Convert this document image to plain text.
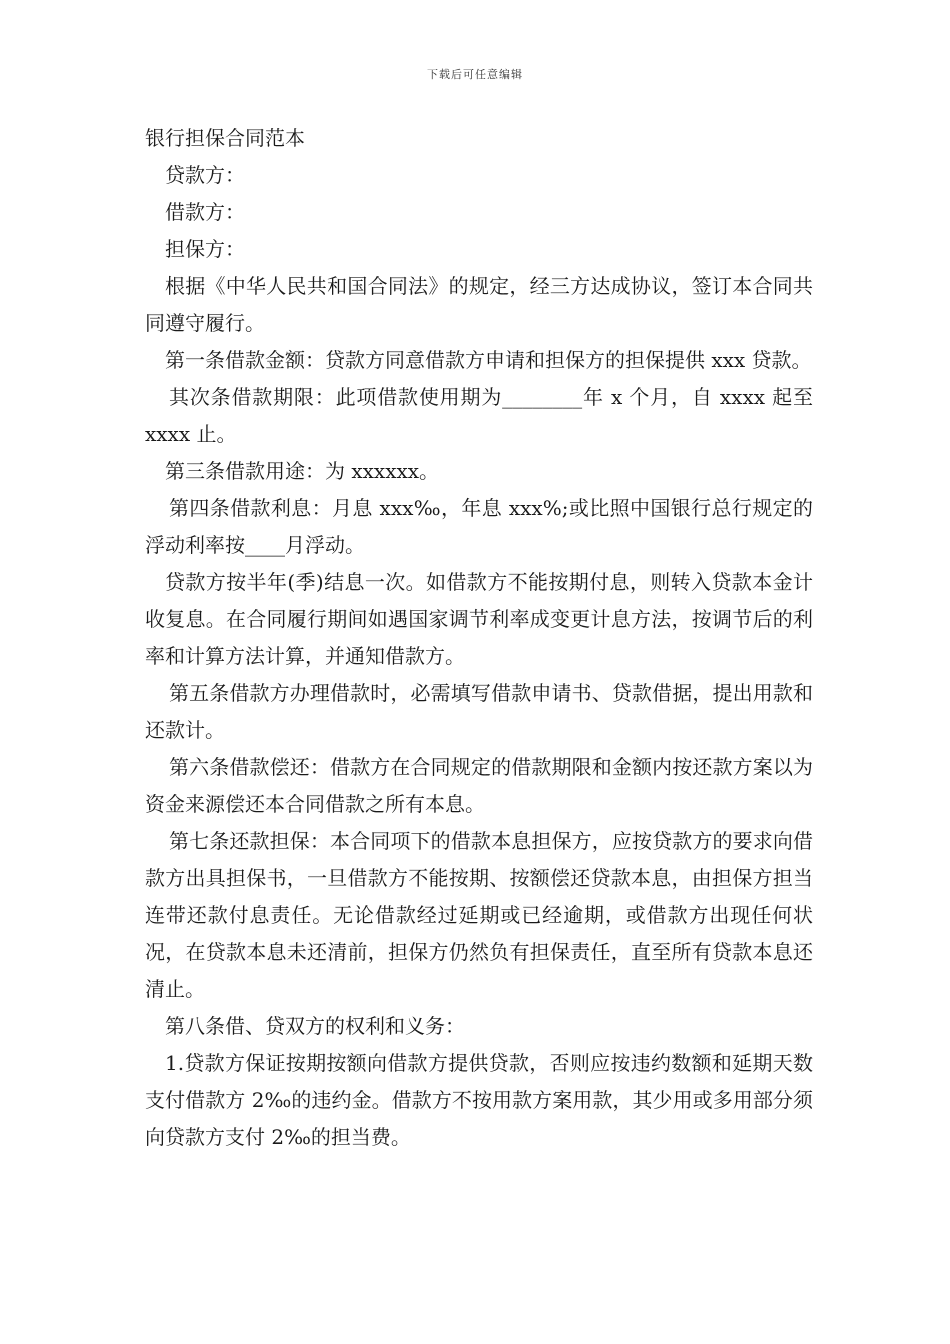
下载后可任意编辑
银行担保合同范本

贷款方：

借款方：

担保方：

根据《中华人民共和国合同法》的规定，经三方达成协议，签订本合同共同遵守履行。

第一条借款金额：贷款方同意借款方申请和担保方的担保提供 xxx 贷款。

其次条借款期限：此项借款使用期为________年 x 个月，自 xxxx 起至 xxxx 止。

第三条借款用途：为 xxxxxx。

第四条借款利息：月息 xxx‰，年息 xxx%;或比照中国银行总行规定的浮动利率按____月浮动。

贷款方按半年(季)结息一次。如借款方不能按期付息，则转入贷款本金计收复息。在合同履行期间如遇国家调节利率成变更计息方法，按调节后的利率和计算方法计算，并通知借款方。

第五条借款方办理借款时，必需填写借款申请书、贷款借据，提出用款和还款计。

第六条借款偿还：借款方在合同规定的借款期限和金额内按还款方案以为资金来源偿还本合同借款之所有本息。

第七条还款担保：本合同项下的借款本息担保方，应按贷款方的要求向借款方出具担保书，一旦借款方不能按期、按额偿还贷款本息，由担保方担当连带还款付息责任。无论借款经过延期或已经逾期，或借款方出现任何状况，在贷款本息未还清前，担保方仍然负有担保责任，直至所有贷款本息还清止。

第八条借、贷双方的权利和义务：

1.贷款方保证按期按额向借款方提供贷款，否则应按违约数额和延期天数支付借款方 2‰的违约金。借款方不按用款方案用款，其少用或多用部分须向贷款方支付 2‰的担当费。
